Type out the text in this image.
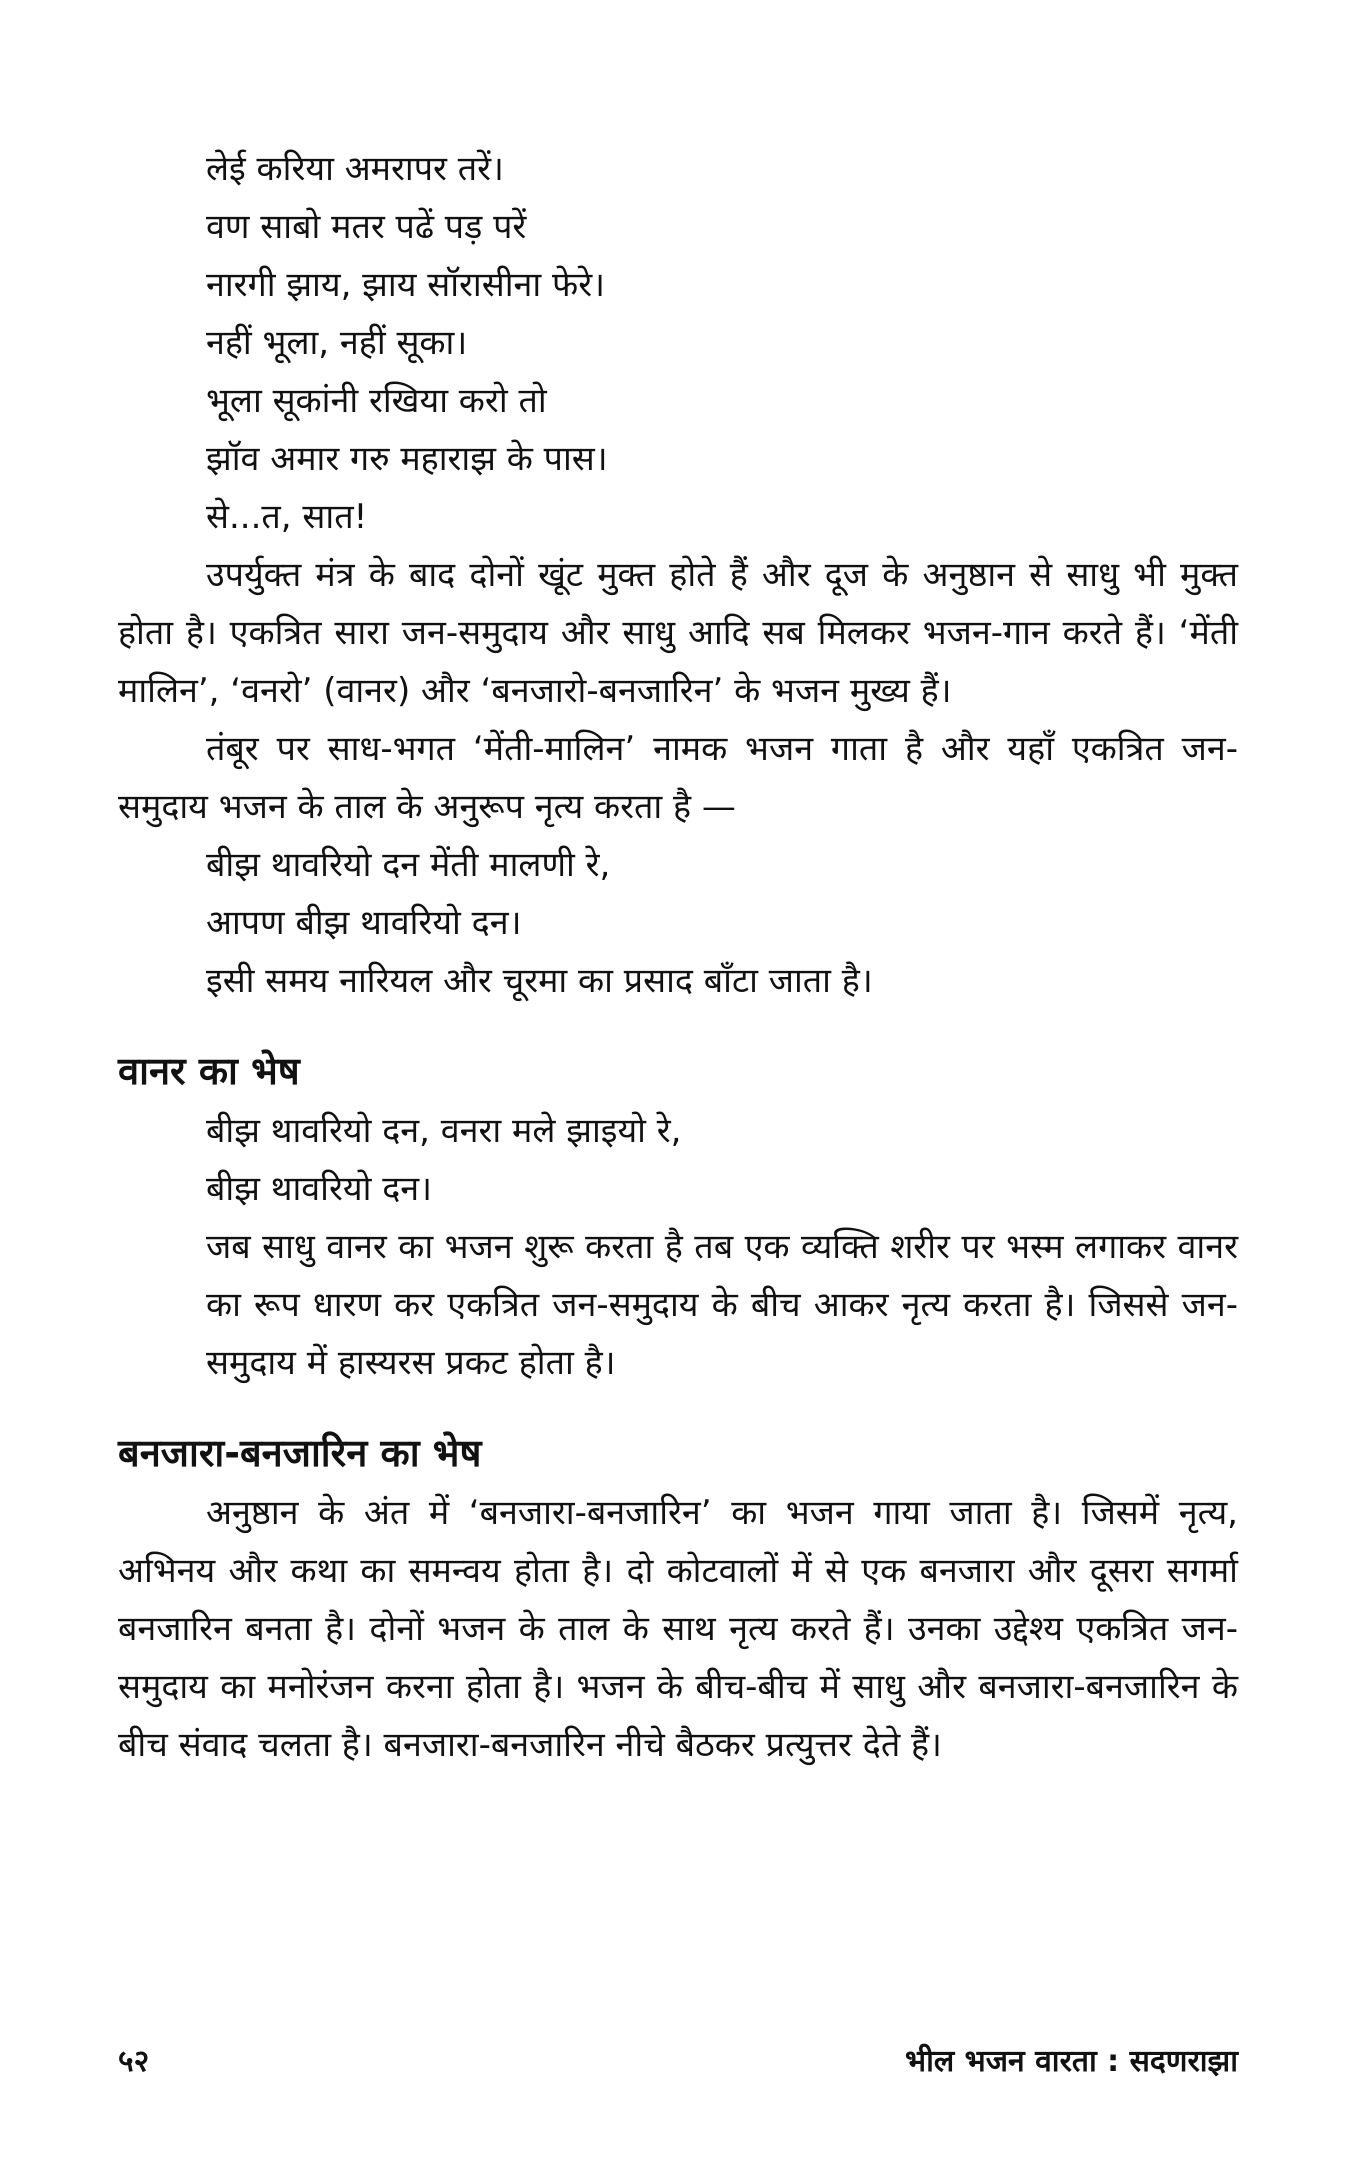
लेई करिया अमरापर तरें।
वण साबो मतर पढें पड़ परें
नारगी झाय, झाय सॉरासीना फेरे।
नहीं भूला, नहीं सूका।
भूला सूकांनी रखिया करो तो
झॉव अमार गरु महाराझ के पास।
से...त, सात!

उपर्युक्त मंत्र के बाद दोनों खूंट मुक्त होते हैं और दूज के अनुष्ठान से साधु भी मुक्त होता है। एकत्रित सारा जन-समुदाय और साधु आदि सब मिलकर भजन-गान करते हैं। ‘मेंती मालिन’, ‘वनरो’ (वानर) और ‘बनजारो-बनजारिन’ के भजन मुख्य हैं।

तंबूर पर साध-भगत ‘मेंती-मालिन’ नामक भजन गाता है और यहाँ एकत्रित जन-समुदाय भजन के ताल के अनुरूप नृत्य करता है —

बीझ थावरियो दन मेंती मालणी रे,
आपण बीझ थावरियो दन।
इसी समय नारियल और चूरमा का प्रसाद बाँटा जाता है।
वानर का भेष
बीझ थावरियो दन, वनरा मले झाइयो रे,
बीझ थावरियो दन।

जब साधु वानर का भजन शुरू करता है तब एक व्यक्ति शरीर पर भस्म लगाकर वानर का रूप धारण कर एकत्रित जन-समुदाय के बीच आकर नृत्य करता है। जिससे जन-समुदाय में हास्यरस प्रकट होता है।

बनजारा-बनजारिन का भेष

अनुष्ठान के अंत में ‘बनजारा-बनजारिन’ का भजन गाया जाता है। जिसमें नृत्य, अभिनय और कथा का समन्वय होता है। दो कोटवालों में से एक बनजारा और दूसरा सगर्मा बनजारिन बनता है। दोनों भजन के ताल के साथ नृत्य करते हैं। उनका उद्देश्य एकत्रित जन-समुदाय का मनोरंजन करना होता है। भजन के बीच-बीच में साधु और बनजारा-बनजारिन के बीच संवाद चलता है। बनजारा-बनजारिन नीचे बैठकर प्रत्युत्तर देते हैं।

५२	भील भजन वारता : सदणराझा
